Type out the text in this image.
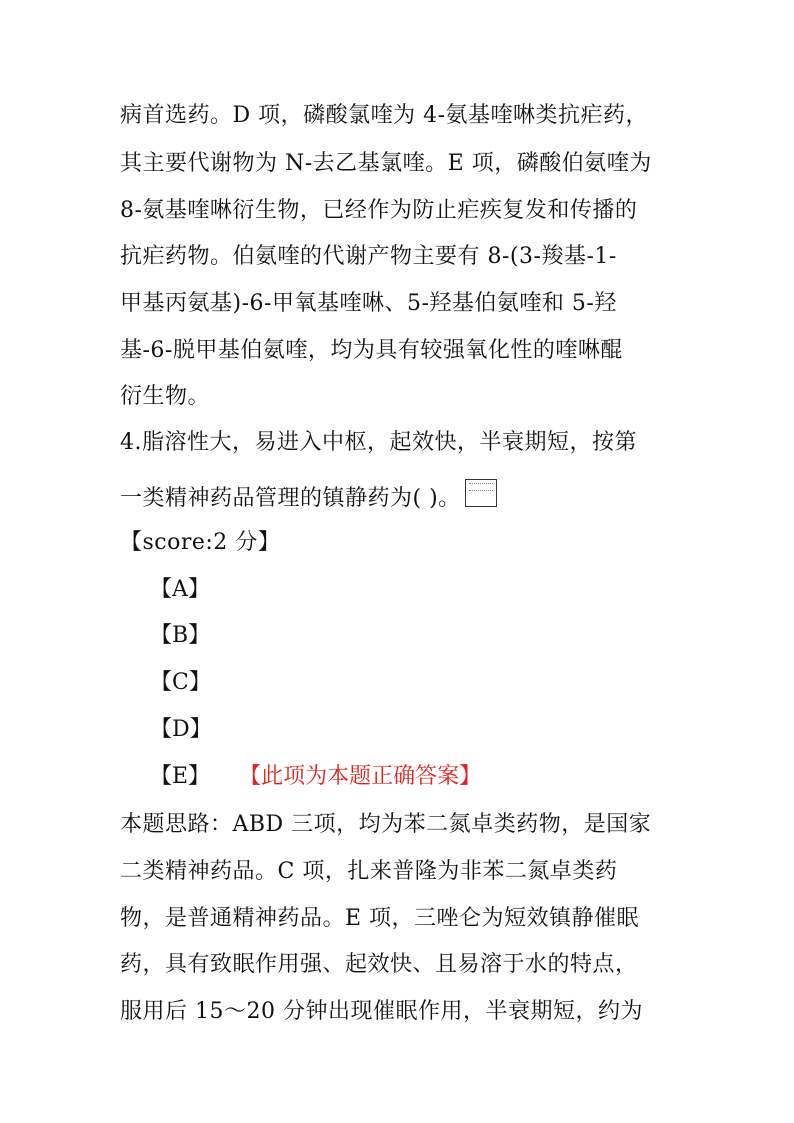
病首选药。D 项，磷酸氯喹为 4-氨基喹啉类抗疟药，
其主要代谢物为 N-去乙基氯喹。E 项，磷酸伯氨喹为
8-氨基喹啉衍生物，已经作为防止疟疾复发和传播的
抗疟药物。伯氨喹的代谢产物主要有 8-(3-羧基-1-
甲基丙氨基)-6-甲氧基喹啉、5-羟基伯氨喹和 5-羟
基-6-脱甲基伯氨喹，均为具有较强氧化性的喹啉醌
衍生物。
4.脂溶性大，易进入中枢，起效快，半衰期短，按第
一类精神药品管理的镇静药为( )。
【score:2 分】
【A】
【B】
【C】
【D】
【E】 【此项为本题正确答案】
本题思路：ABD 三项，均为苯二氮卓类药物，是国家
二类精神药品。C 项，扎来普隆为非苯二氮卓类药
物，是普通精神药品。E 项，三唑仑为短效镇静催眠
药，具有致眠作用强、起效快、且易溶于水的特点，
服用后 15～20 分钟出现催眠作用，半衰期短，约为
